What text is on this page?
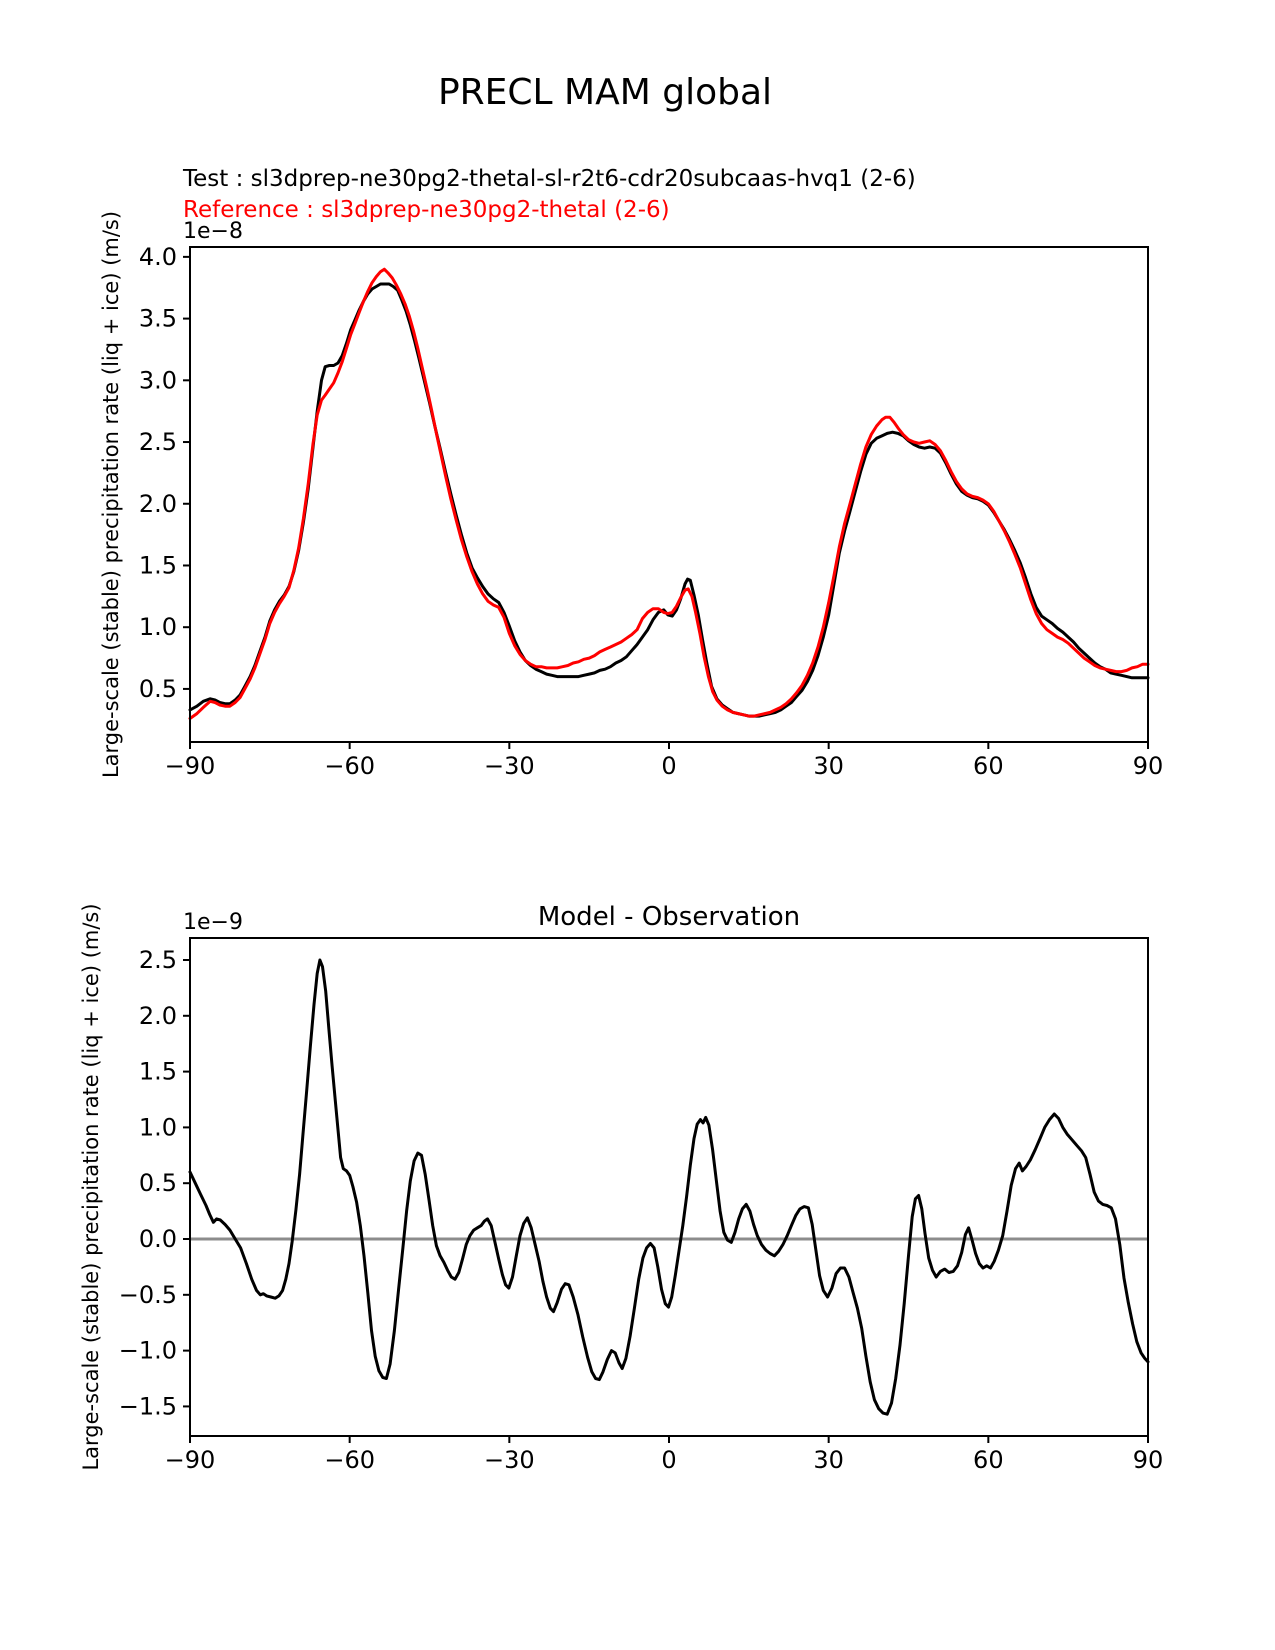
−90	−60	−30	0	30	60	90
0.5
1.0
1.5
2.0
2.5
3.0
3.5
4.0
1e−8
Large-scale (stable) precipitation rate (liq + ice) (m/s)
−90	−60	−30	0	30	60	90
−1.5
−1.0
−0.5
0.0
0.5
1.0
1.5
2.0
2.5
1e−9	Model - Observation
Large-scale (stable) precipitation rate (liq + ice) (m/s)
PRECL MAM global
Test : sl3dprep-ne30pg2-thetal-sl-r2t6-cdr20subcaas-hvq1 (2-6)
Reference : sl3dprep-ne30pg2-thetal (2-6)
